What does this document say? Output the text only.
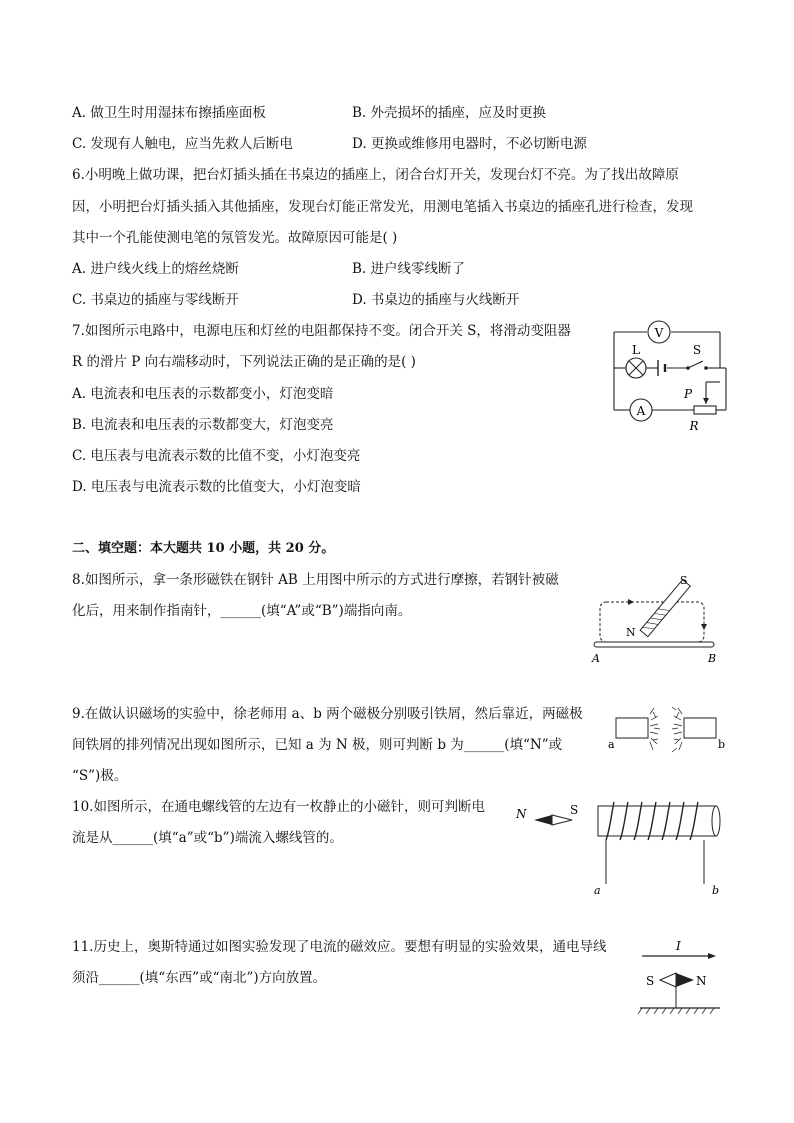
A. 做卫生时用湿抹布擦插座面板	B. 外壳损坏的插座，应及时更换
C. 发现有人触电，应当先救人后断电	D. 更换或维修用电器时，不必切断电源
6.小明晚上做功课，把台灯插头插在书桌边的插座上，闭合台灯开关，发现台灯不亮。为了找出故障原
因，小明把台灯插头插入其他插座，发现台灯能正常发光，用测电笔插入书桌边的插座孔进行检查，发现
其中一个孔能使测电笔的氖管发光。故障原因可能是( )
A. 进户线火线上的熔丝烧断	B. 进户线零线断了
C. 书桌边的插座与零线断开	D. 书桌边的插座与火线断开
7.如图所示电路中，电源电压和灯丝的电阻都保持不变。闭合开关 S，将滑动变阻器
R 的滑片 P 向右端移动时，下列说法正确的是正确的是( )
A. 电流表和电压表的示数都变小，灯泡变暗
B. 电流表和电压表的示数都变大，灯泡变亮
C. 电压表与电流表示数的比值不变，小灯泡变亮
D. 电压表与电流表示数的比值变大，小灯泡变暗
V
L	S
A
P
R
二、填空题：本大题共 10 小题，共 20 分。
8.如图所示，拿一条形磁铁在钢针 AB 上用图中所示的方式进行摩擦，若钢针被磁
化后，用来制作指南针，______(填“A”或“B”)端指向南。
S
N
A	B
9.在做认识磁场的实验中，徐老师用 a、b 两个磁极分别吸引铁屑，然后靠近，两磁极
间铁屑的排列情况出现如图所示，已知 a 为 N 极，则可判断 b 为______(填“N”或
“S”)极。
a	b
10.如图所示，在通电螺线管的左边有一枚静止的小磁针，则可判断电
流是从______(填“a”或“b”)端流入螺线管的。
N	S
a	b
11.历史上，奥斯特通过如图实验发现了电流的磁效应。要想有明显的实验效果，通电导线
须沿______(填“东西”或“南北”)方向放置。
I
S	N
